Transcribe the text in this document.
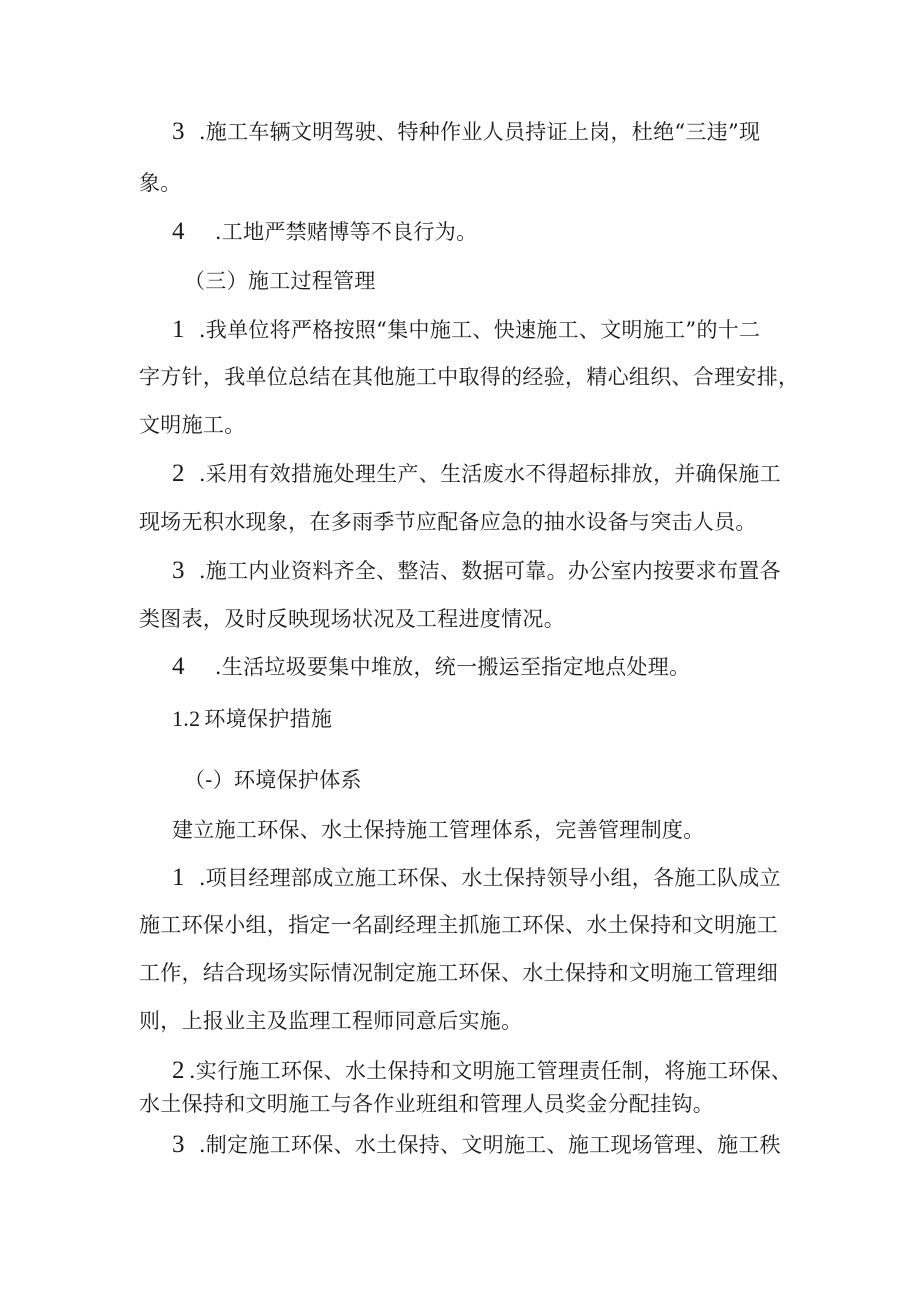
3 .施工车辆文明驾驶、特种作业人员持证上岗，杜绝“三违”现
象。
4 .工地严禁赌博等不良行为。
（三）施工过程管理
1 .我单位将严格按照“集中施工、快速施工、文明施工”的十二
字方针，我单位总结在其他施工中取得的经验，精心组织、合理安排，
文明施工。
2 .采用有效措施处理生产、生活废水不得超标排放，并确保施工
现场无积水现象，在多雨季节应配备应急的抽水设备与突击人员。
3 .施工内业资料齐全、整洁、数据可靠。办公室内按要求布置各
类图表，及时反映现场状况及工程进度情况。
4 .生活垃圾要集中堆放，统一搬运至指定地点处理。
1.2 环境保护措施
（-）环境保护体系
建立施工环保、水土保持施工管理体系，完善管理制度。
1 .项目经理部成立施工环保、水土保持领导小组，各施工队成立
施工环保小组，指定一名副经理主抓施工环保、水土保持和文明施工
工作，结合现场实际情况制定施工环保、水土保持和文明施工管理细
则，上报业主及监理工程师同意后实施。
2 .实行施工环保、水土保持和文明施工管理责任制，将施工环保、
水土保持和文明施工与各作业班组和管理人员奖金分配挂钩。
3 .制定施工环保、水土保持、文明施工、施工现场管理、施工秩
